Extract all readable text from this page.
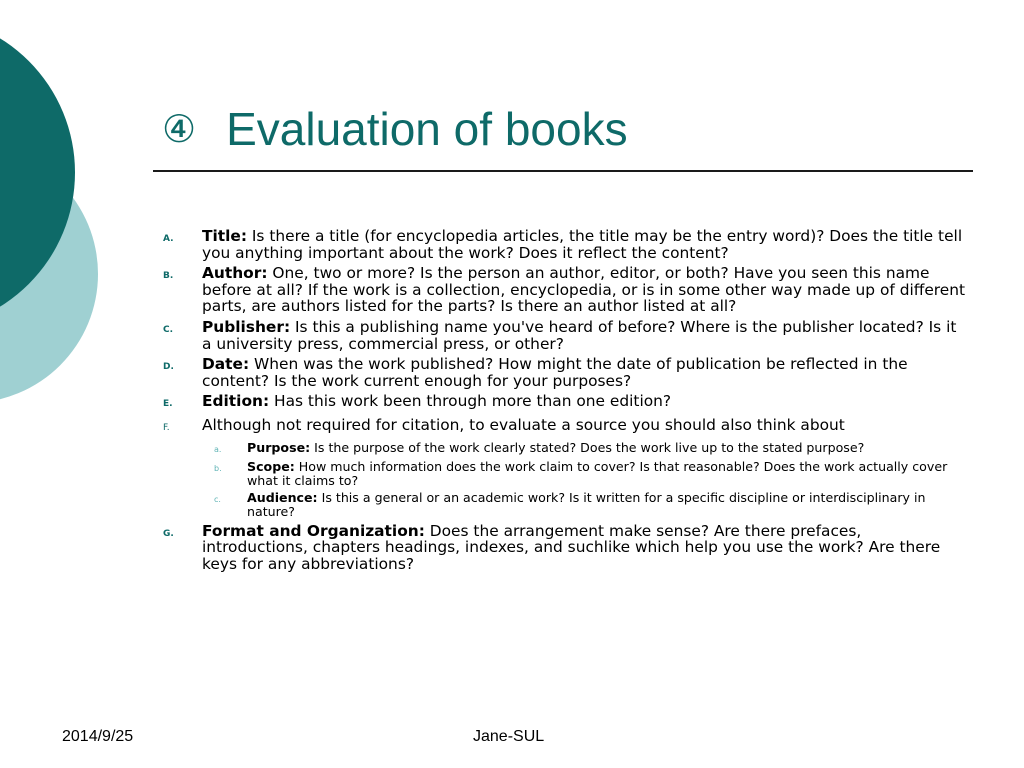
④ Evaluation of books
A.	Title: Is there a title (for encyclopedia articles, the title may be the entry word)? Does the title tell you anything important about the work? Does it reflect the content?
B.	Author: One, two or more? Is the person an author, editor, or both? Have you seen this name before at all? If the work is a collection, encyclopedia, or is in some other way made up of different parts, are authors listed for the parts? Is there an author listed at all?
C.	Publisher: Is this a publishing name you've heard of before? Where is the publisher located? Is it a university press, commercial press, or other?
D.	Date: When was the work published? How might the date of publication be reflected in the content? Is the work current enough for your purposes?
E.	Edition: Has this work been through more than one edition?
F.	Although not required for citation, to evaluate a source you should also think about
a.	Purpose: Is the purpose of the work clearly stated? Does the work live up to the stated purpose?
b.	Scope: How much information does the work claim to cover? Is that reasonable? Does the work actually cover what it claims to?
c.	Audience: Is this a general or an academic work? Is it written for a specific discipline or interdisciplinary in nature?
G.	Format and Organization: Does the arrangement make sense? Are there prefaces, introductions, chapters headings, indexes, and suchlike which help you use the work? Are there keys for any abbreviations?
2014/9/25	Jane-SUL
